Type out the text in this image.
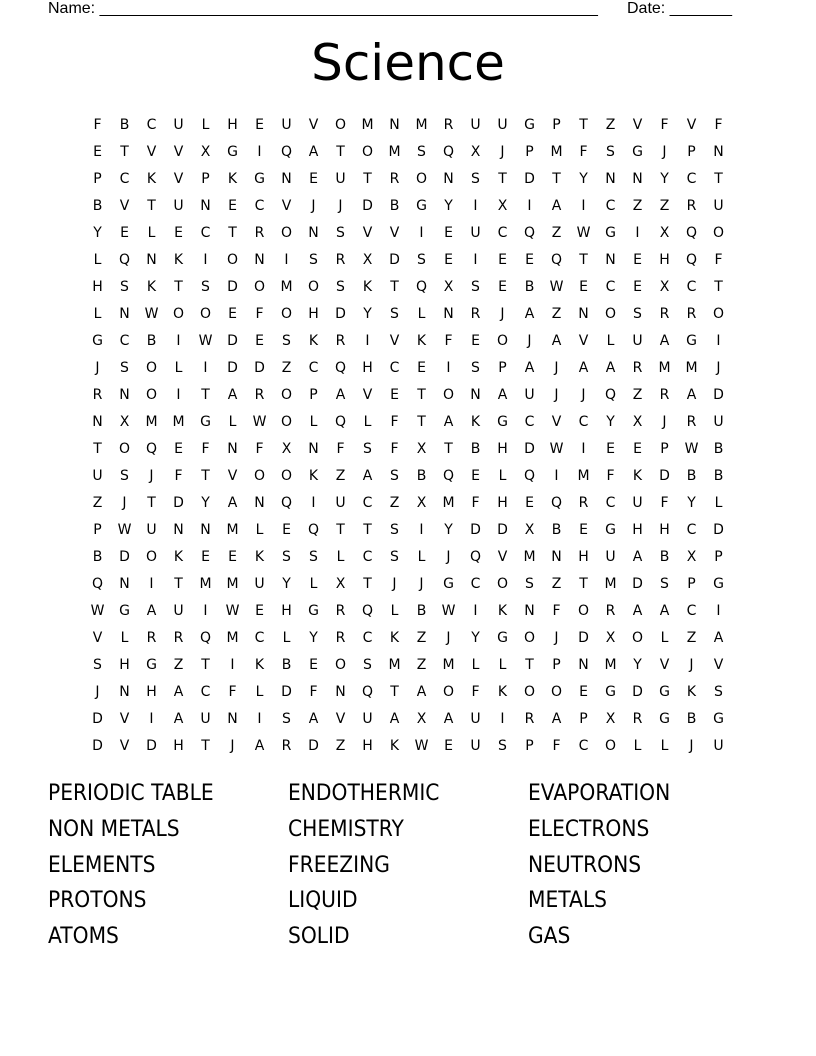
Name: ________________________________________________________ Date: _______
Science
F	B	C	U	L	H	E	U	V	O	M	N	M	R	U	U	G	P	T	Z	V	F	V	F
E	T	V	V	X	G	I	Q	A	T	O	M	S	Q	X	J	P	M	F	S	G	J	P	N
P	C	K	V	P	K	G	N	E	U	T	R	O	N	S	T	D	T	Y	N	N	Y	C	T
B	V	T	U	N	E	C	V	J	J	D	B	G	Y	I	X	I	A	I	C	Z	Z	R	U
Y	E	L	E	C	T	R	O	N	S	V	V	I	E	U	C	Q	Z	W	G	I	X	Q	O
L	Q	N	K	I	O	N	I	S	R	X	D	S	E	I	E	E	Q	T	N	E	H	Q	F
H	S	K	T	S	D	O	M	O	S	K	T	Q	X	S	E	B	W	E	C	E	X	C	T
L	N	W	O	O	E	F	O	H	D	Y	S	L	N	R	J	A	Z	N	O	S	R	R	O
G	C	B	I	W	D	E	S	K	R	I	V	K	F	E	O	J	A	V	L	U	A	G	I
J	S	O	L	I	D	D	Z	C	Q	H	C	E	I	S	P	A	J	A	A	R	M	M	J
R	N	O	I	T	A	R	O	P	A	V	E	T	O	N	A	U	J	J	Q	Z	R	A	D
N	X	M	M	G	L	W	O	L	Q	L	F	T	A	K	G	C	V	C	Y	X	J	R	U
T	O	Q	E	F	N	F	X	N	F	S	F	X	T	B	H	D	W	I	E	E	P	W	B
U	S	J	F	T	V	O	O	K	Z	A	S	B	Q	E	L	Q	I	M	F	K	D	B	B
Z	J	T	D	Y	A	N	Q	I	U	C	Z	X	M	F	H	E	Q	R	C	U	F	Y	L
P	W	U	N	N	M	L	E	Q	T	T	S	I	Y	D	D	X	B	E	G	H	H	C	D
B	D	O	K	E	E	K	S	S	L	C	S	L	J	Q	V	M	N	H	U	A	B	X	P
Q	N	I	T	M	M	U	Y	L	X	T	J	J	G	C	O	S	Z	T	M	D	S	P	G
W	G	A	U	I	W	E	H	G	R	Q	L	B	W	I	K	N	F	O	R	A	A	C	I
V	L	R	R	Q	M	C	L	Y	R	C	K	Z	J	Y	G	O	J	D	X	O	L	Z	A
S	H	G	Z	T	I	K	B	E	O	S	M	Z	M	L	L	T	P	N	M	Y	V	J	V
J	N	H	A	C	F	L	D	F	N	Q	T	A	O	F	K	O	O	E	G	D	G	K	S
D	V	I	A	U	N	I	S	A	V	U	A	X	A	U	I	R	A	P	X	R	G	B	G
D	V	D	H	T	J	A	R	D	Z	H	K	W	E	U	S	P	F	C	O	L	L	J	U
PERIODIC TABLE	ENDOTHERMIC	EVAPORATION
NON METALS	CHEMISTRY	ELECTRONS
ELEMENTS	FREEZING	NEUTRONS
PROTONS	LIQUID	METALS
ATOMS	SOLID	GAS
